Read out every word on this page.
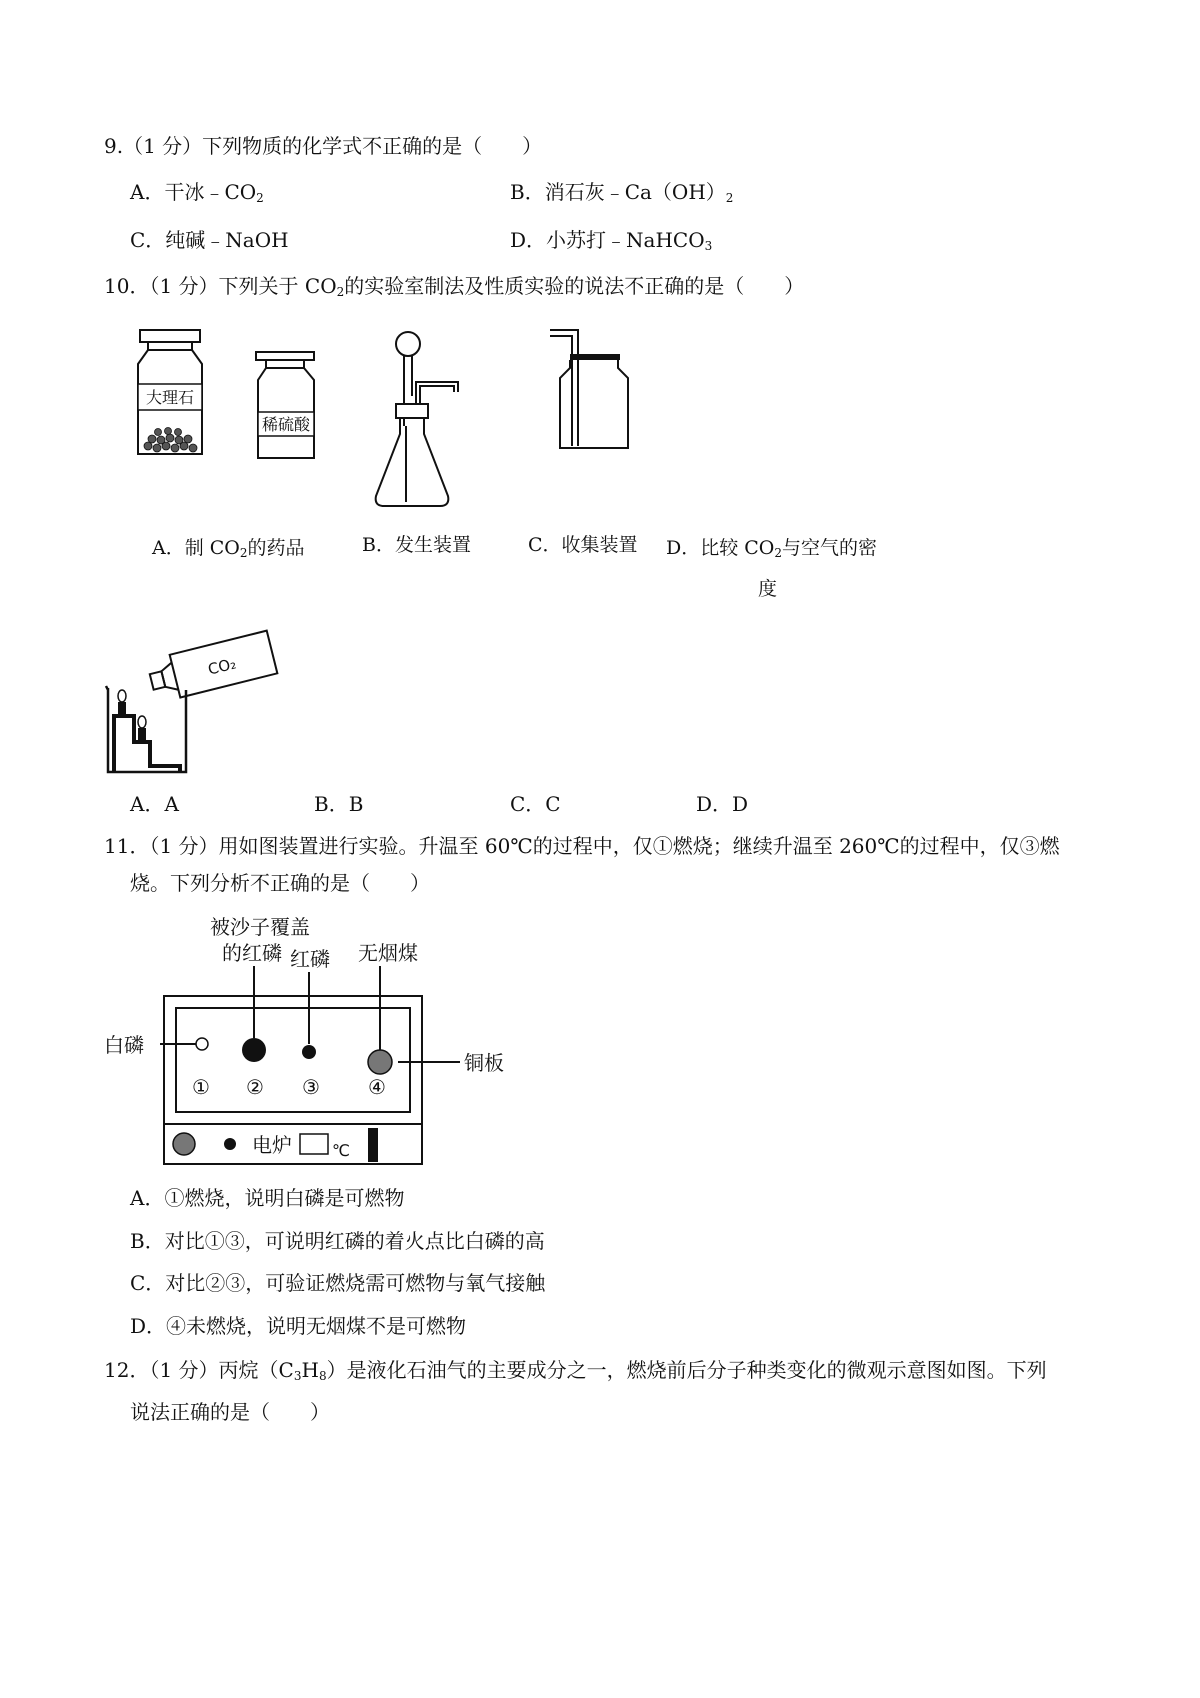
9.（1 分）下列物质的化学式不正确的是（　　）
A．干冰$﹣CO_2$	B．消石灰$﹣Ca(OH)_2$
C．纯碱﹣NaOH	D．小苏打﹣NaHCO$_3$
10．（1 分）下列关于 $CO_2$的实验室制法及性质实验的说法不正确的是（　　）
大理石
稀硫酸
A．制 $CO_2$的药品	B．发生装置	C．收集装置 D．比较 $CO_2$与空气的密
度
CO₂
A．A	B．B	C．C	D．D
11．（1 分）用如图装置进行实验。升温至 60℃的过程中，仅①燃烧；继续升温至 260℃的过程中，仅③燃
烧。下列分析不正确的是（　　）
被沙子覆盖
的红磷 红磷 无烟煤
白磷
铜板
电炉
① ② ③ ④
℃
A．①燃烧，说明白磷是可燃物
B．对比①③，可说明红磷的着火点比白磷的高
C．对比②③，可验证燃烧需可燃物与氧气接触
D．④未燃烧，说明无烟煤不是可燃物
12．（1 分）丙烷$(C_3H_8)$是液化石油气的主要成分之一，燃烧前后分子种类变化的微观示意图如图。下列
说法正确的是（　　）
